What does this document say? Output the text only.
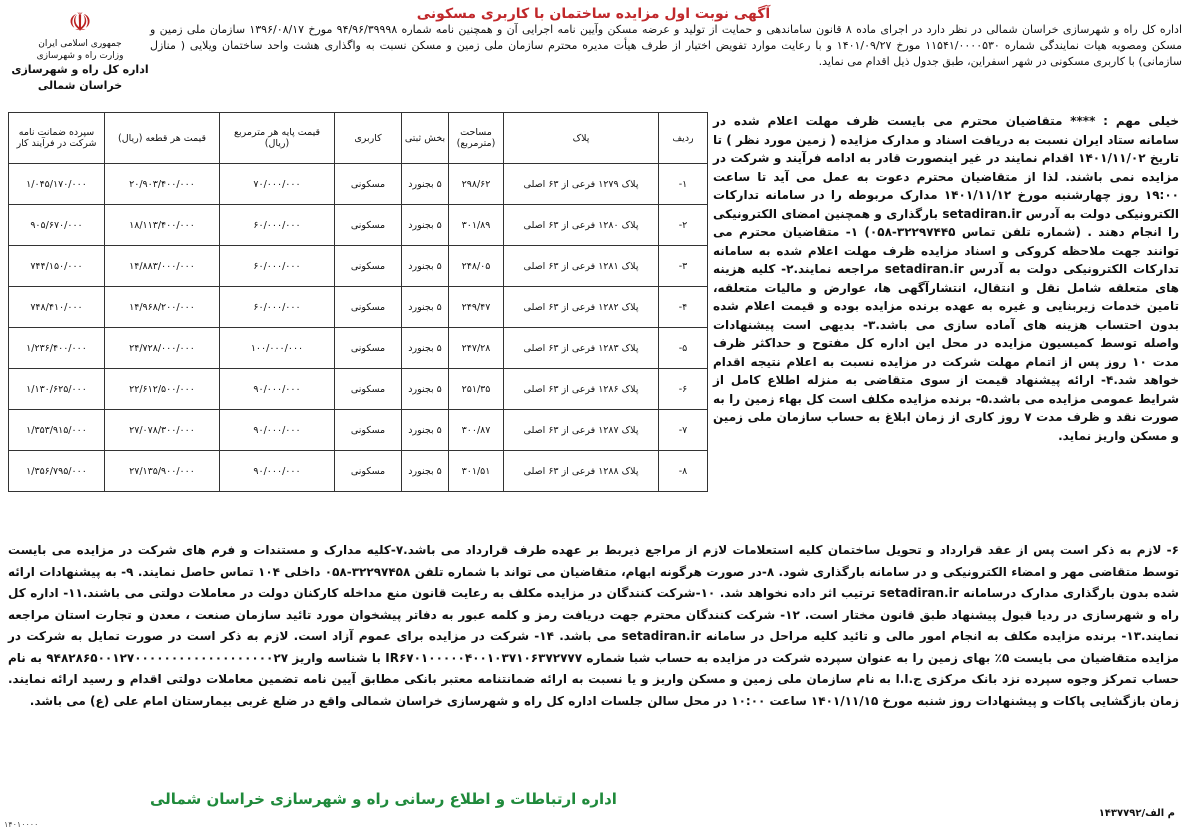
آگهی نوبت اول مزایده ساختمان با کاربری مسکونی
☫
جمهوری اسلامی ایران
وزارت راه و شهرسازی
اداره کل راه و شهرسازی خراسان شمالی
اداره کل راه و شهرسازی خراسان شمالی در نظر دارد در اجرای ماده ۸ قانون ساماندهی و حمایت از تولید و عرضه مسکن وآیین نامه اجرایی آن و همچنین نامه شماره ۹۴/۹۶/۳۹۹۹۸ مورخ ۱۳۹۶/۰۸/۱۷ سازمان ملی زمین و مسکن ومصوبه هیات نمایندگی شماره ۱۱۵۴۱/۰۰۰۰۵۳۰ مورخ ۱۴۰۱/۰۹/۲۷ و با رعایت موارد تفویض اختیار از طرف هیأت مدیره محترم سازمان ملی زمین و مسکن نسبت به واگذاری هشت واحد ساختمان ویلایی ( منازل سازمانی) با کاربری مسکونی در شهر اسفراین، طبق جدول ذیل اقدام می نماید.
خیلی مهم : **** متقاضیان محترم می بایست ظرف مهلت اعلام شده در سامانه ستاد ایران نسبت به دریافت اسناد و مدارک مزایده ( زمین مورد نظر ) تا تاریخ ۱۴۰۱/۱۱/۰۲ اقدام نمایند در غیر اینصورت قادر به ادامه فرآیند و شرکت در مزایده نمی باشند. لذا از متقاضیان محترم دعوت به عمل می آید تا ساعت ۱۹:۰۰ روز چهارشنبه مورخ ۱۴۰۱/۱۱/۱۲ مدارک مربوطه را در سامانه تدارکات الکترونیکی دولت به آدرس setadiran.ir بارگذاری و همچنین امضای الکترونیکی را انجام دهند . (شماره تلفن تماس ۳۲۲۹۷۴۴۵-۰۵۸) ۱- متقاضیان محترم می توانند جهت ملاحظه کروکی و اسناد مزایده ظرف مهلت اعلام شده به سامانه تدارکات الکترونیکی دولت به آدرس setadiran.ir مراجعه نمایند.۲- کلیه هزینه های متعلقه شامل نقل و انتقال، انتشارآگهی ها، عوارض و مالیات متعلقه، تامین خدمات زیربنایی و غیره به عهده برنده مزایده بوده و قیمت اعلام شده بدون احتساب هزینه های آماده سازی می باشد.۳- بدیهی است پیشنهادات واصله توسط کمیسیون مزایده در محل این اداره کل مفتوح و حداکثر ظرف مدت ۱۰ روز پس از اتمام مهلت شرکت در مزایده نسبت به اعلام نتیجه اقدام خواهد شد.۴- ارائه پیشنهاد قیمت از سوی متقاضی به منزله اطلاع کامل از شرایط عمومی مزایده می باشد.۵- برنده مزایده مکلف است کل بهاء زمین را به صورت نقد و ظرف مدت ۷ روز کاری از زمان ابلاغ به حساب سازمان ملی زمین و مسکن واریز نماید.
ردیف	پلاک	مساحت (مترمربع)	بخش ثبتی	کاربری	قیمت پایه هر مترمربع (ریال)	قیمت هر قطعه (ریال)	سپرده ضمانت نامه شرکت در فرآیند کار
۱-	پلاک ۱۲۷۹ فرعی از ۶۳ اصلی	۲۹۸/۶۲	۵ بجنورد	مسکونی	۷۰/۰۰۰/۰۰۰	۲۰/۹۰۳/۴۰۰/۰۰۰	۱/۰۴۵/۱۷۰/۰۰۰
۲-	پلاک ۱۲۸۰ فرعی از ۶۳ اصلی	۳۰۱/۸۹	۵ بجنورد	مسکونی	۶۰/۰۰۰/۰۰۰	۱۸/۱۱۳/۴۰۰/۰۰۰	۹۰۵/۶۷۰/۰۰۰
۳-	پلاک ۱۲۸۱ فرعی از ۶۳ اصلی	۲۴۸/۰۵	۵ بجنورد	مسکونی	۶۰/۰۰۰/۰۰۰	۱۴/۸۸۳/۰۰۰/۰۰۰	۷۴۴/۱۵۰/۰۰۰
۴-	پلاک ۱۲۸۲ فرعی از ۶۳ اصلی	۲۴۹/۴۷	۵ بجنورد	مسکونی	۶۰/۰۰۰/۰۰۰	۱۴/۹۶۸/۲۰۰/۰۰۰	۷۴۸/۴۱۰/۰۰۰
۵-	پلاک ۱۲۸۳ فرعی از ۶۳ اصلی	۲۴۷/۲۸	۵ بجنورد	مسکونی	۱۰۰/۰۰۰/۰۰۰	۲۴/۷۲۸/۰۰۰/۰۰۰	۱/۲۳۶/۴۰۰/۰۰۰
۶-	پلاک ۱۲۸۶ فرعی از ۶۳ اصلی	۲۵۱/۳۵	۵ بجنورد	مسکونی	۹۰/۰۰۰/۰۰۰	۲۲/۶۱۲/۵۰۰/۰۰۰	۱/۱۳۰/۶۲۵/۰۰۰
۷-	پلاک ۱۲۸۷ فرعی از ۶۳ اصلی	۳۰۰/۸۷	۵ بجنورد	مسکونی	۹۰/۰۰۰/۰۰۰	۲۷/۰۷۸/۳۰۰/۰۰۰	۱/۳۵۳/۹۱۵/۰۰۰
۸-	پلاک ۱۲۸۸ فرعی از ۶۳ اصلی	۳۰۱/۵۱	۵ بجنورد	مسکونی	۹۰/۰۰۰/۰۰۰	۲۷/۱۳۵/۹۰۰/۰۰۰	۱/۳۵۶/۷۹۵/۰۰۰
۶- لازم به ذکر است پس از عقد قرارداد و تحویل ساختمان کلیه استعلامات لازم از مراجع ذیربط بر عهده طرف قرارداد می باشد.۷-کلیه مدارک و مستندات و فرم های شرکت در مزایده می بایست توسط متقاضی مهر و امضاء الکترونیکی و در سامانه بارگذاری شود. ۸-در صورت هرگونه ابهام، متقاضیان می تواند با شماره تلفن ۳۲۲۹۷۴۵۸-۰۵۸ داخلی ۱۰۴ تماس حاصل نمایند. ۹- به پیشنهادات ارائه شده بدون بارگذاری مدارک درسامانه setadiran.ir ترتیب اثر داده نخواهد شد. ۱۰-شرکت کنندگان در مزایده مکلف به رعایت قانون منع مداخله کارکنان دولت در معاملات دولتی می باشند.۱۱- اداره کل راه و شهرسازی در ردیا قبول پیشنهاد طبق قانون مختار است. ۱۲- شرکت کنندگان محترم جهت دریافت رمز و کلمه عبور به دفاتر پیشخوان مورد تائید سازمان صنعت ، معدن و تجارت استان مراجعه نمایند.۱۳- برنده مزایده مکلف به انجام امور مالی و تائید کلیه مراحل در سامانه setadiran.ir می باشد. ۱۴- شرکت در مزایده برای عموم آزاد است. لازم به ذکر است در صورت تمایل به شرکت در مزایده متقاضیان می بایست ۵٪ بهای زمین را به عنوان سپرده شرکت در مزایده به حساب شبا شماره IR۶۷۰۱۰۰۰۰۰۴۰۰۱۰۳۷۱۰۶۳۷۲۷۷۷ با شناسه واریز ۹۴۸۲۸۶۵۰۰۱۲۷۰۰۰۰۰۰۰۰۰۰۰۰۰۰۰۰۰۰۰۲۷ به نام حساب تمرکز وجوه سپرده نزد بانک مرکزی ج.ا.ا به نام سازمان ملی زمین و مسکن واریز و یا نسبت به ارائه ضمانتنامه معتبر بانکی مطابق آیین نامه تضمین معاملات دولتی اقدام و رسید ارائه نمایند. زمان بازگشایی پاکات و پیشنهادات روز شنبه مورخ ۱۴۰۱/۱۱/۱۵ ساعت ۱۰:۰۰ در محل سالن جلسات اداره کل راه و شهرسازی خراسان شمالی واقع در ضلع غربی بیمارستان امام علی (ع) می باشد.
اداره ارتباطات و اطلاع رسانی راه و شهرسازی خراسان شمالی
م الف/۱۴۳۷۷۹۲
۱۴۰۱۰۰۰۰
